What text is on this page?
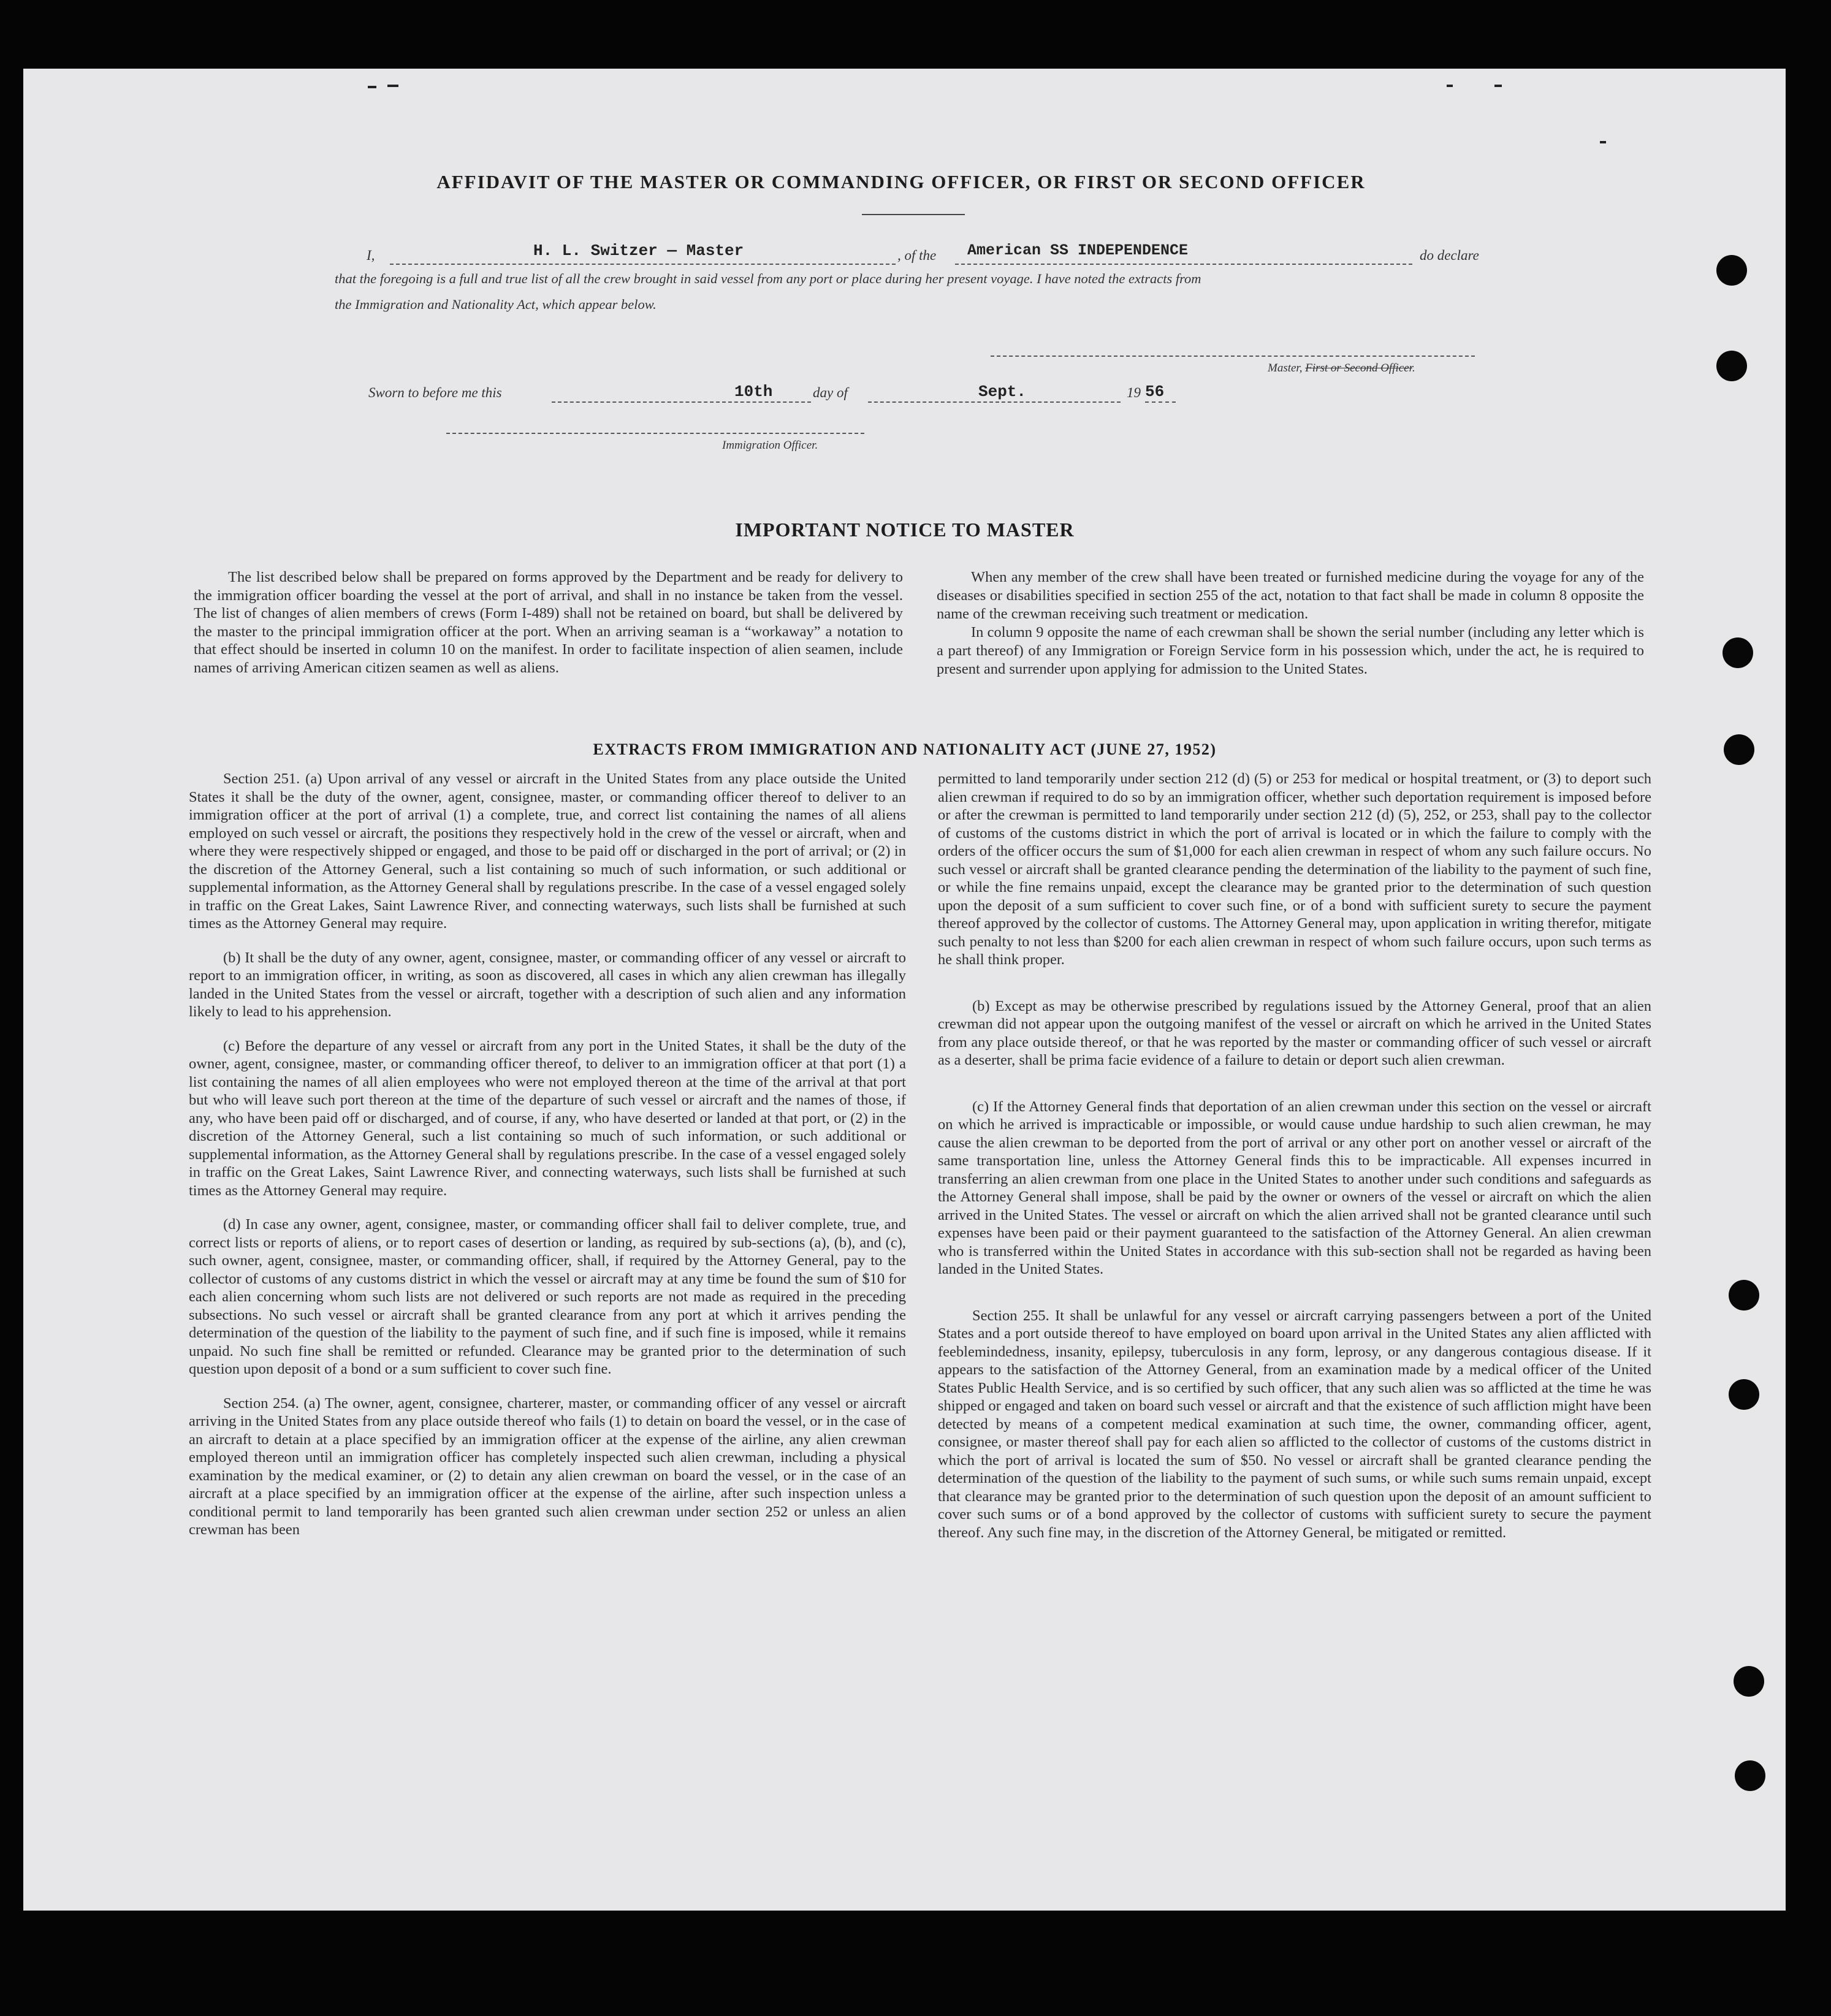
AFFIDAVIT OF THE MASTER OR COMMANDING OFFICER, OR FIRST OR SECOND OFFICER
I,	H. L. Switzer — Master	, of the American SS INDEPENDENCE	do declare
that the foregoing is a full and true list of all the crew brought in said vessel from any port or place during her present voyage. I have noted the extracts from
the Immigration and Nationality Act, which appear below.
Master, First or Second Officer.
Sworn to before me this	10th	day of	Sept.	19 56
Immigration Officer.
IMPORTANT NOTICE TO MASTER

The list described below shall be prepared on forms approved by the Department and be ready for delivery to the immigration officer boarding the vessel at the port of arrival, and shall in no instance be taken from the vessel. The list of changes of alien members of crews (Form I-489) shall not be retained on board, but shall be delivered by the master to the principal immigration officer at the port. When an arriving seaman is a “workaway” a notation to that effect should be inserted in column 10 on the manifest. In order to facilitate inspection of alien seamen, include names of arriving American citizen seamen as well as aliens.

When any member of the crew shall have been treated or furnished medicine during the voyage for any of the diseases or disabilities specified in section 255 of the act, notation to that fact shall be made in column 8 opposite the name of the crewman receiving such treatment or medication.

In column 9 opposite the name of each crewman shall be shown the serial number (including any letter which is a part thereof) of any Immigration or Foreign Service form in his possession which, under the act, he is required to present and surrender upon applying for admission to the United States.

EXTRACTS FROM IMMIGRATION AND NATIONALITY ACT (JUNE 27, 1952)

Section 251. (a) Upon arrival of any vessel or aircraft in the United States from any place outside the United States it shall be the duty of the owner, agent, consignee, master, or commanding officer thereof to deliver to an immigration officer at the port of arrival (1) a complete, true, and correct list containing the names of all aliens employed on such vessel or aircraft, the positions they respectively hold in the crew of the vessel or aircraft, when and where they were respectively shipped or engaged, and those to be paid off or discharged in the port of arrival; or (2) in the discretion of the Attorney General, such a list containing so much of such information, or such additional or supplemental information, as the Attorney General shall by regulations prescribe. In the case of a vessel engaged solely in traffic on the Great Lakes, Saint Lawrence River, and connecting waterways, such lists shall be furnished at such times as the Attorney General may require.

(b) It shall be the duty of any owner, agent, consignee, master, or commanding officer of any vessel or aircraft to report to an immigration officer, in writing, as soon as discovered, all cases in which any alien crewman has illegally landed in the United States from the vessel or aircraft, together with a description of such alien and any information likely to lead to his apprehension.

(c) Before the departure of any vessel or aircraft from any port in the United States, it shall be the duty of the owner, agent, consignee, master, or commanding officer thereof, to deliver to an immigration officer at that port (1) a list containing the names of all alien employees who were not employed thereon at the time of the arrival at that port but who will leave such port thereon at the time of the departure of such vessel or aircraft and the names of those, if any, who have been paid off or discharged, and of course, if any, who have deserted or landed at that port, or (2) in the discretion of the Attorney General, such a list containing so much of such information, or such additional or supplemental information, as the Attorney General shall by regulations prescribe. In the case of a vessel engaged solely in traffic on the Great Lakes, Saint Lawrence River, and connecting waterways, such lists shall be furnished at such times as the Attorney General may require.

(d) In case any owner, agent, consignee, master, or commanding officer shall fail to deliver complete, true, and correct lists or reports of aliens, or to report cases of desertion or landing, as required by sub-sections (a), (b), and (c), such owner, agent, consignee, master, or commanding officer, shall, if required by the Attorney General, pay to the collector of customs of any customs district in which the vessel or aircraft may at any time be found the sum of $10 for each alien concerning whom such lists are not delivered or such reports are not made as required in the preceding subsections. No such vessel or aircraft shall be granted clearance from any port at which it arrives pending the determination of the question of the liability to the payment of such fine, and if such fine is imposed, while it remains unpaid. No such fine shall be remitted or refunded. Clearance may be granted prior to the determination of such question upon deposit of a bond or a sum sufficient to cover such fine.

Section 254. (a) The owner, agent, consignee, charterer, master, or commanding officer of any vessel or aircraft arriving in the United States from any place outside thereof who fails (1) to detain on board the vessel, or in the case of an aircraft to detain at a place specified by an immigration officer at the expense of the airline, any alien crewman employed thereon until an immigration officer has completely inspected such alien crewman, including a physical examination by the medical examiner, or (2) to detain any alien crewman on board the vessel, or in the case of an aircraft at a place specified by an immigration officer at the expense of the airline, after such inspection unless a conditional permit to land temporarily has been granted such alien crewman under section 252 or unless an alien crewman has been

permitted to land temporarily under section 212 (d) (5) or 253 for medical or hospital treatment, or (3) to deport such alien crewman if required to do so by an immigration officer, whether such deportation requirement is imposed before or after the crewman is permitted to land temporarily under section 212 (d) (5), 252, or 253, shall pay to the collector of customs of the customs district in which the port of arrival is located or in which the failure to comply with the orders of the officer occurs the sum of $1,000 for each alien crewman in respect of whom any such failure occurs. No such vessel or aircraft shall be granted clearance pending the determination of the liability to the payment of such fine, or while the fine remains unpaid, except the clearance may be granted prior to the determination of such question upon the deposit of a sum sufficient to cover such fine, or of a bond with sufficient surety to secure the payment thereof approved by the collector of customs. The Attorney General may, upon application in writing therefor, mitigate such penalty to not less than $200 for each alien crewman in respect of whom such failure occurs, upon such terms as he shall think proper.

(b) Except as may be otherwise prescribed by regulations issued by the Attorney General, proof that an alien crewman did not appear upon the outgoing manifest of the vessel or aircraft on which he arrived in the United States from any place outside thereof, or that he was reported by the master or commanding officer of such vessel or aircraft as a deserter, shall be prima facie evidence of a failure to detain or deport such alien crewman.

(c) If the Attorney General finds that deportation of an alien crewman under this section on the vessel or aircraft on which he arrived is impracticable or impossible, or would cause undue hardship to such alien crewman, he may cause the alien crewman to be deported from the port of arrival or any other port on another vessel or aircraft of the same transportation line, unless the Attorney General finds this to be impracticable. All expenses incurred in transferring an alien crewman from one place in the United States to another under such conditions and safeguards as the Attorney General shall impose, shall be paid by the owner or owners of the vessel or aircraft on which the alien arrived in the United States. The vessel or aircraft on which the alien arrived shall not be granted clearance until such expenses have been paid or their payment guaranteed to the satisfaction of the Attorney General. An alien crewman who is transferred within the United States in accordance with this sub-section shall not be regarded as having been landed in the United States.

Section 255. It shall be unlawful for any vessel or aircraft carrying passengers between a port of the United States and a port outside thereof to have employed on board upon arrival in the United States any alien afflicted with feeblemindedness, insanity, epilepsy, tuberculosis in any form, leprosy, or any dangerous contagious disease. If it appears to the satisfaction of the Attorney General, from an examination made by a medical officer of the United States Public Health Service, and is so certified by such officer, that any such alien was so afflicted at the time he was shipped or engaged and taken on board such vessel or aircraft and that the existence of such affliction might have been detected by means of a competent medical examination at such time, the owner, commanding officer, agent, consignee, or master thereof shall pay for each alien so afflicted to the collector of customs of the customs district in which the port of arrival is located the sum of $50. No vessel or aircraft shall be granted clearance pending the determination of the question of the liability to the payment of such sums, or while such sums remain unpaid, except that clearance may be granted prior to the determination of such question upon the deposit of an amount sufficient to cover such sums or of a bond approved by the collector of customs with sufficient surety to secure the payment thereof. Any such fine may, in the discretion of the Attorney General, be mitigated or remitted.
